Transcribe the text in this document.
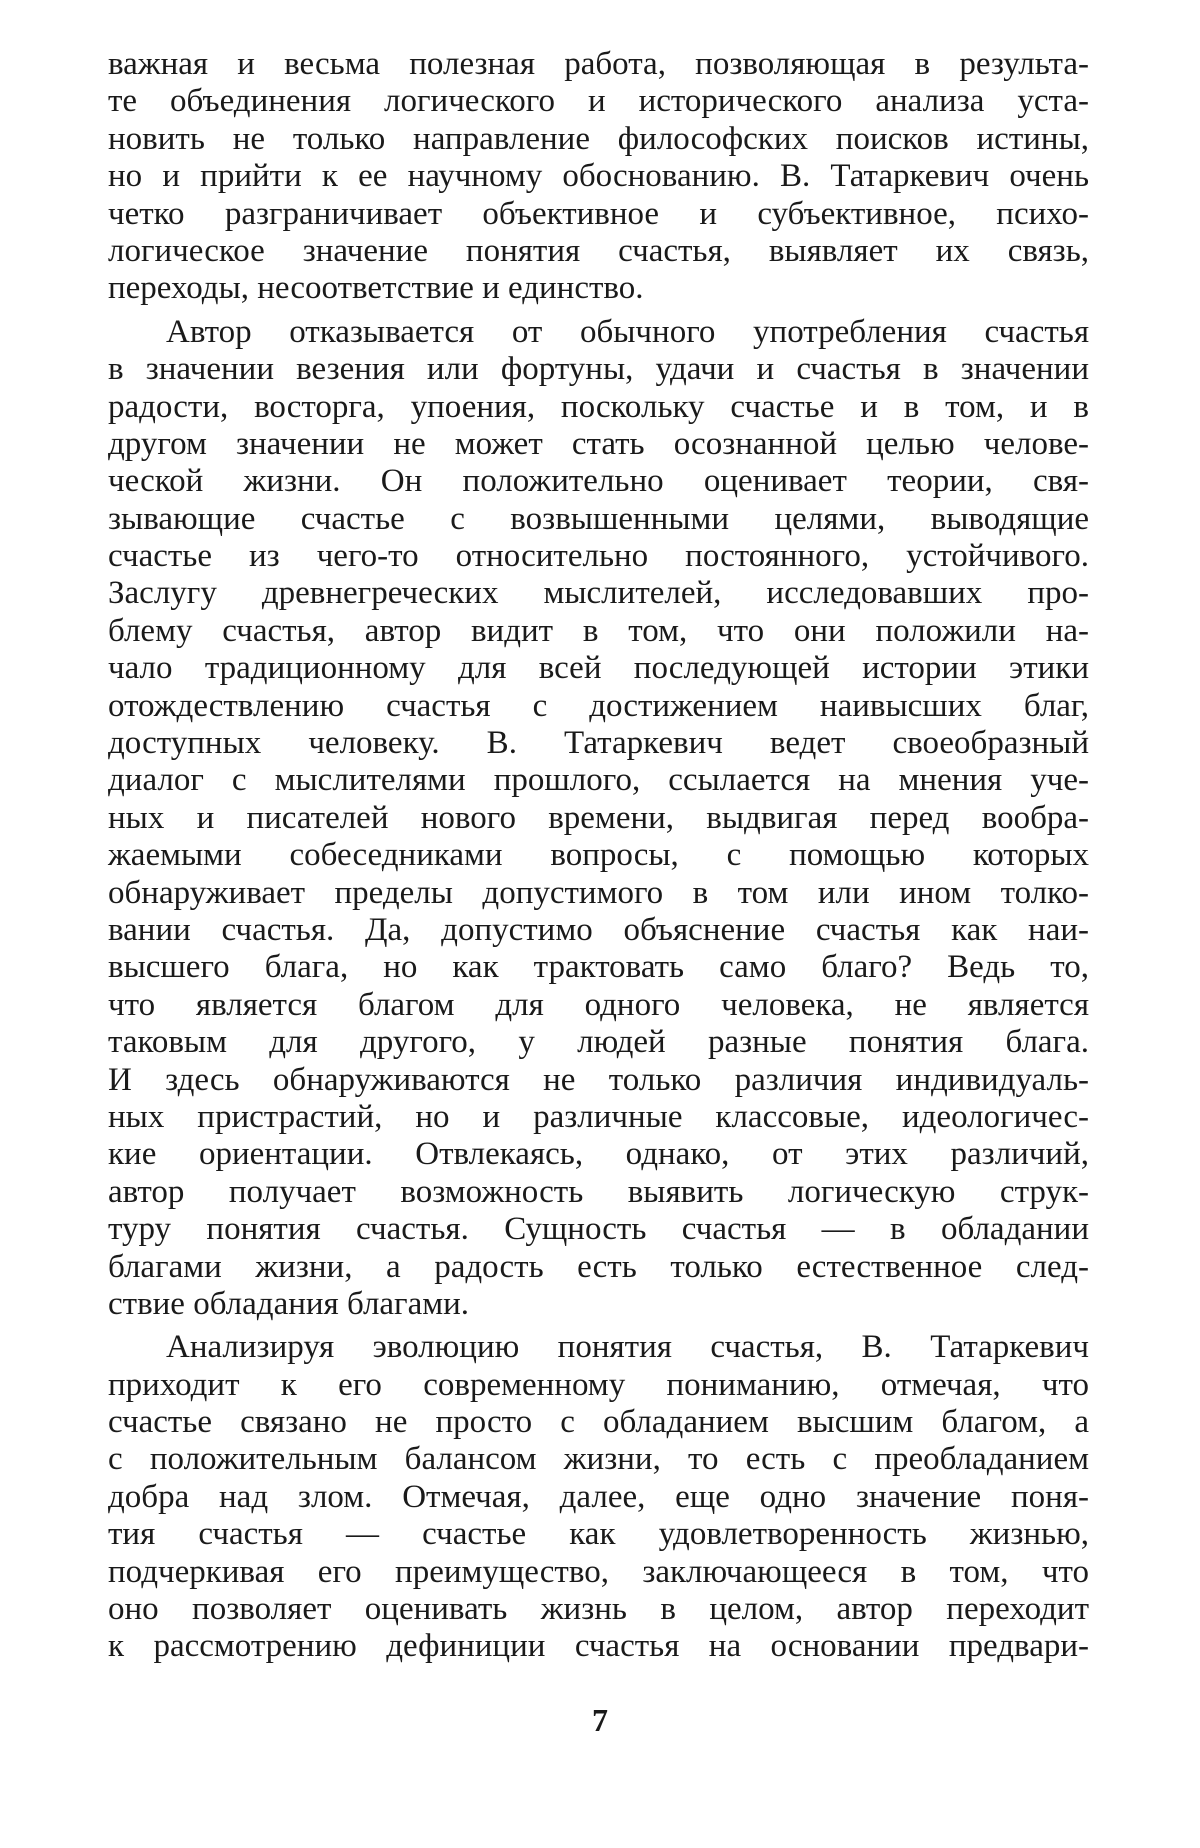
важная и весьма полезная работа, позволяющая в результа-
те объединения логического и исторического анализа уста-
новить не только направление философских поисков истины,
но и прийти к ее научному обоснованию. В. Татаркевич очень
четко разграничивает объективное и субъективное, психо-
логическое значение понятия счастья, выявляет их связь,
переходы, несоответствие и единство.
Автор отказывается от обычного употребления счастья
в значении везения или фортуны, удачи и счастья в значении
радости, восторга, упоения, поскольку счастье и в том, и в
другом значении не может стать осознанной целью челове-
ческой жизни. Он положительно оценивает теории, свя-
зывающие счастье с возвышенными целями, выводящие
счастье из чего-то относительно постоянного, устойчивого.
Заслугу древнегреческих мыслителей, исследовавших про-
блему счастья, автор видит в том, что они положили на-
чало традиционному для всей последующей истории этики
отождествлению счастья с достижением наивысших благ,
доступных человеку. В. Татаркевич ведет своеобразный
диалог с мыслителями прошлого, ссылается на мнения уче-
ных и писателей нового времени, выдвигая перед вообра-
жаемыми собеседниками вопросы, с помощью которых
обнаруживает пределы допустимого в том или ином толко-
вании счастья. Да, допустимо объяснение счастья как наи-
высшего блага, но как трактовать само благо? Ведь то,
что является благом для одного человека, не является
таковым для другого, у людей разные понятия блага.
И здесь обнаруживаются не только различия индивидуаль-
ных пристрастий, но и различные классовые, идеологичес-
кие ориентации. Отвлекаясь, однако, от этих различий,
автор получает возможность выявить логическую струк-
туру понятия счастья. Сущность счастья — в обладании
благами жизни, а радость есть только естественное след-
ствие обладания благами.
Анализируя эволюцию понятия счастья, В. Татаркевич
приходит к его современному пониманию, отмечая, что
счастье связано не просто с обладанием высшим благом, а
с положительным балансом жизни, то есть с преобладанием
добра над злом. Отмечая, далее, еще одно значение поня-
тия счастья — счастье как удовлетворенность жизнью,
подчеркивая его преимущество, заключающееся в том, что
оно позволяет оценивать жизнь в целом, автор переходит
к рассмотрению дефиниции счастья на основании предвари-
7
